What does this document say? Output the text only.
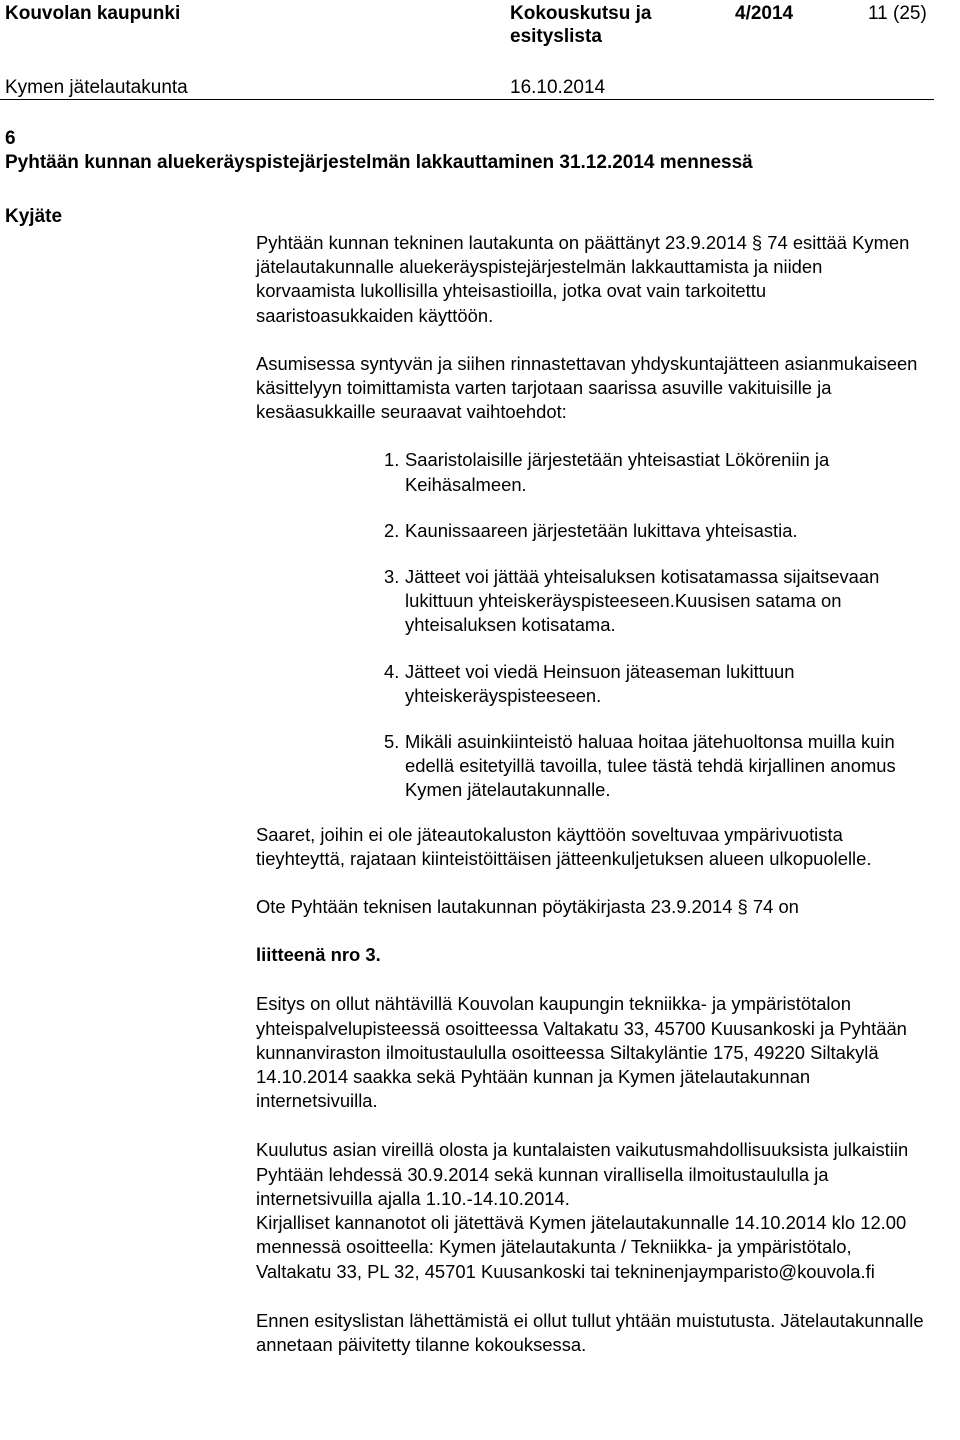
Kouvolan kaupunki	Kokouskutsu ja esityslista
4/2014	11 (25)
Kymen jätelautakunta	16.10.2014
6
Pyhtään kunnan aluekeräyspistejärjestelmän lakkauttaminen 31.12.2014 mennessä
Kyjäte

Pyhtään kunnan tekninen lautakunta on päättänyt 23.9.2014 § 74 esittää Kymen jätelautakunnalle aluekeräyspistejärjestelmän lakkauttamista ja niiden korvaamista lukollisilla yhteisastioilla, jotka ovat vain tarkoitettu saaristoasukkaiden käyttöön.

Asumisessa syntyvän ja siihen rinnastettavan yhdyskuntajätteen asianmukaiseen käsittelyyn toimittamista varten tarjotaan saarissa asuville vakituisille ja kesäasukkaille seuraavat vaihtoehdot:

1. Saaristolaisille järjestetään yhteisastiat Lököreniin ja Keihäsalmeen.
2. Kaunissaareen järjestetään lukittava yhteisastia.
3. Jätteet voi jättää yhteisaluksen kotisatamassa sijaitsevaan lukittuun yhteiskeräyspisteeseen.Kuusisen satama on yhteisaluksen kotisatama.
4. Jätteet voi viedä Heinsuon jäteaseman lukittuun yhteiskeräyspisteeseen.
5. Mikäli asuinkiinteistö haluaa hoitaa jätehuoltonsa muilla kuin edellä esitetyillä tavoilla, tulee tästä tehdä kirjallinen anomus Kymen jätelautakunnalle.

Saaret, joihin ei ole jäteautokaluston käyttöön soveltuvaa ympärivuotista tieyhteyttä, rajataan kiinteistöittäisen jätteenkuljetuksen alueen ulkopuolelle.

Ote Pyhtään teknisen lautakunnan pöytäkirjasta 23.9.2014 § 74 on

liitteenä nro 3.

Esitys on ollut nähtävillä Kouvolan kaupungin tekniikka- ja ympäristötalon yhteispalvelupisteessä osoitteessa Valtakatu 33, 45700 Kuusankoski ja Pyhtään kunnanviraston ilmoitustaululla osoitteessa Siltakyläntie 175, 49220 Siltakylä 14.10.2014 saakka sekä Pyhtään kunnan ja Kymen jätelautakunnan internetsivuilla.

Kuulutus asian vireillä olosta ja kuntalaisten vaikutusmahdollisuuksista julkaistiin Pyhtään lehdessä 30.9.2014 sekä kunnan virallisella ilmoitustaululla ja internetsivuilla ajalla 1.10.-14.10.2014.

Kirjalliset kannanotot oli jätettävä Kymen jätelautakunnalle 14.10.2014 klo 12.00 mennessä osoitteella: Kymen jätelautakunta / Tekniikka- ja ympäristötalo, Valtakatu 33, PL 32, 45701 Kuusankoski tai tekninenjaymparisto@kouvola.fi

Ennen esityslistan lähettämistä ei ollut tullut yhtään muistutusta. Jätelautakunnalle annetaan päivitetty tilanne kokouksessa.
